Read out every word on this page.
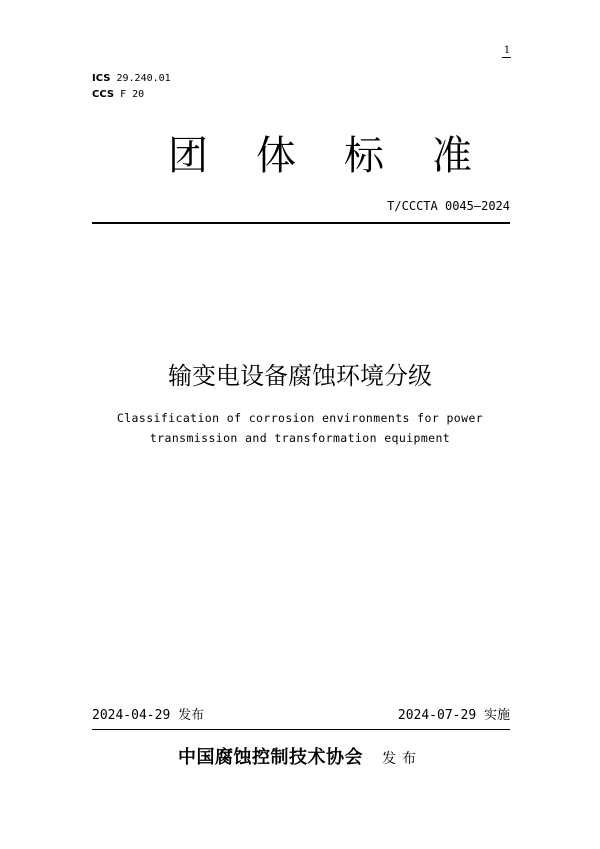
1
ICS 29.240.01
CCS F 20
团体标准
T/CCCTA 0045—2024
输变电设备腐蚀环境分级
Classification of corrosion environments for power
transmission and transformation equipment
2024-04-29 发布	2024-07-29 实施
中国腐蚀控制技术协会 发布
